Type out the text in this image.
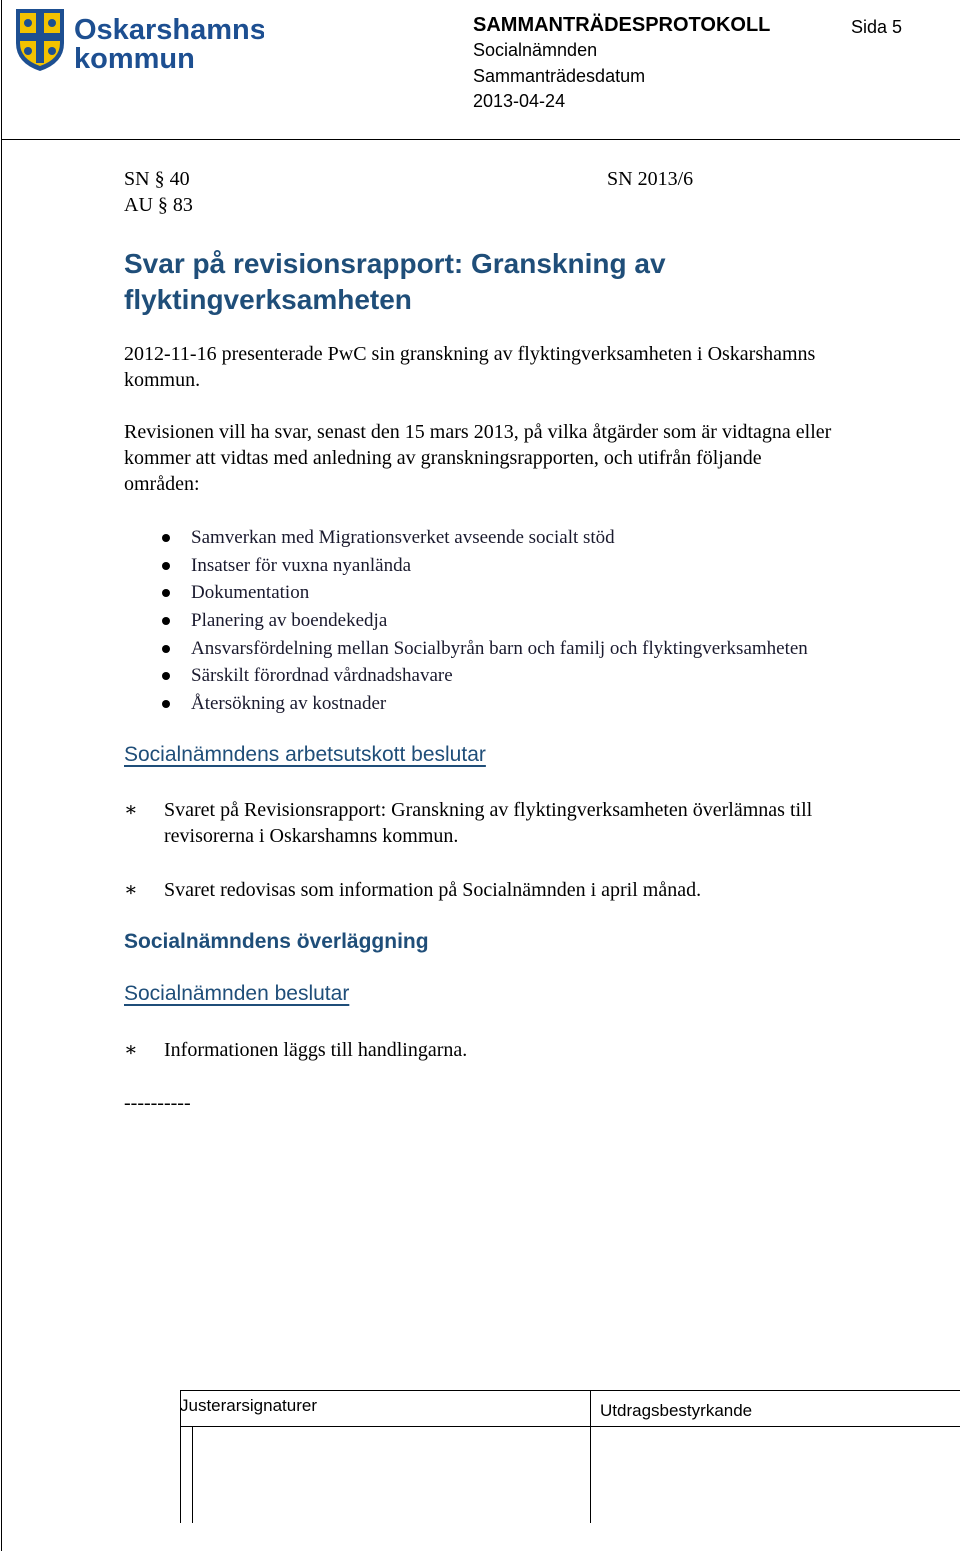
Oskarshamns
kommun
SAMMANTRÄDESPROTOKOLL	Sida 5
Socialnämnden
Sammanträdesdatum
2013-04-24
SN § 40
AU § 83
SN 2013/6
Svar på revisionsrapport: Granskning av
flyktingverksamheten
2012-11-16 presenterade PwC sin granskning av flyktingverksamheten i Oskarshamns
kommun.
Revisionen vill ha svar, senast den 15 mars 2013, på vilka åtgärder som är vidtagna eller
kommer att vidtas med anledning av granskningsrapporten, och utifrån följande
områden:
Samverkan med Migrationsverket avseende socialt stöd
Insatser för vuxna nyanlända
Dokumentation
Planering av boendekedja
Ansvarsfördelning mellan Socialbyrån barn och familj och flyktingverksamheten
Särskilt förordnad vårdnadshavare
Återsökning av kostnader
Socialnämndens arbetsutskott beslutar
∗	Svaret på Revisionsrapport: Granskning av flyktingverksamheten överlämnas till
revisorerna i Oskarshamns kommun.
∗	Svaret redovisas som information på Socialnämnden i april månad.
Socialnämndens överläggning
Socialnämnden beslutar
∗	Informationen läggs till handlingarna.
----------
Justerarsignaturer	Utdragsbestyrkande
